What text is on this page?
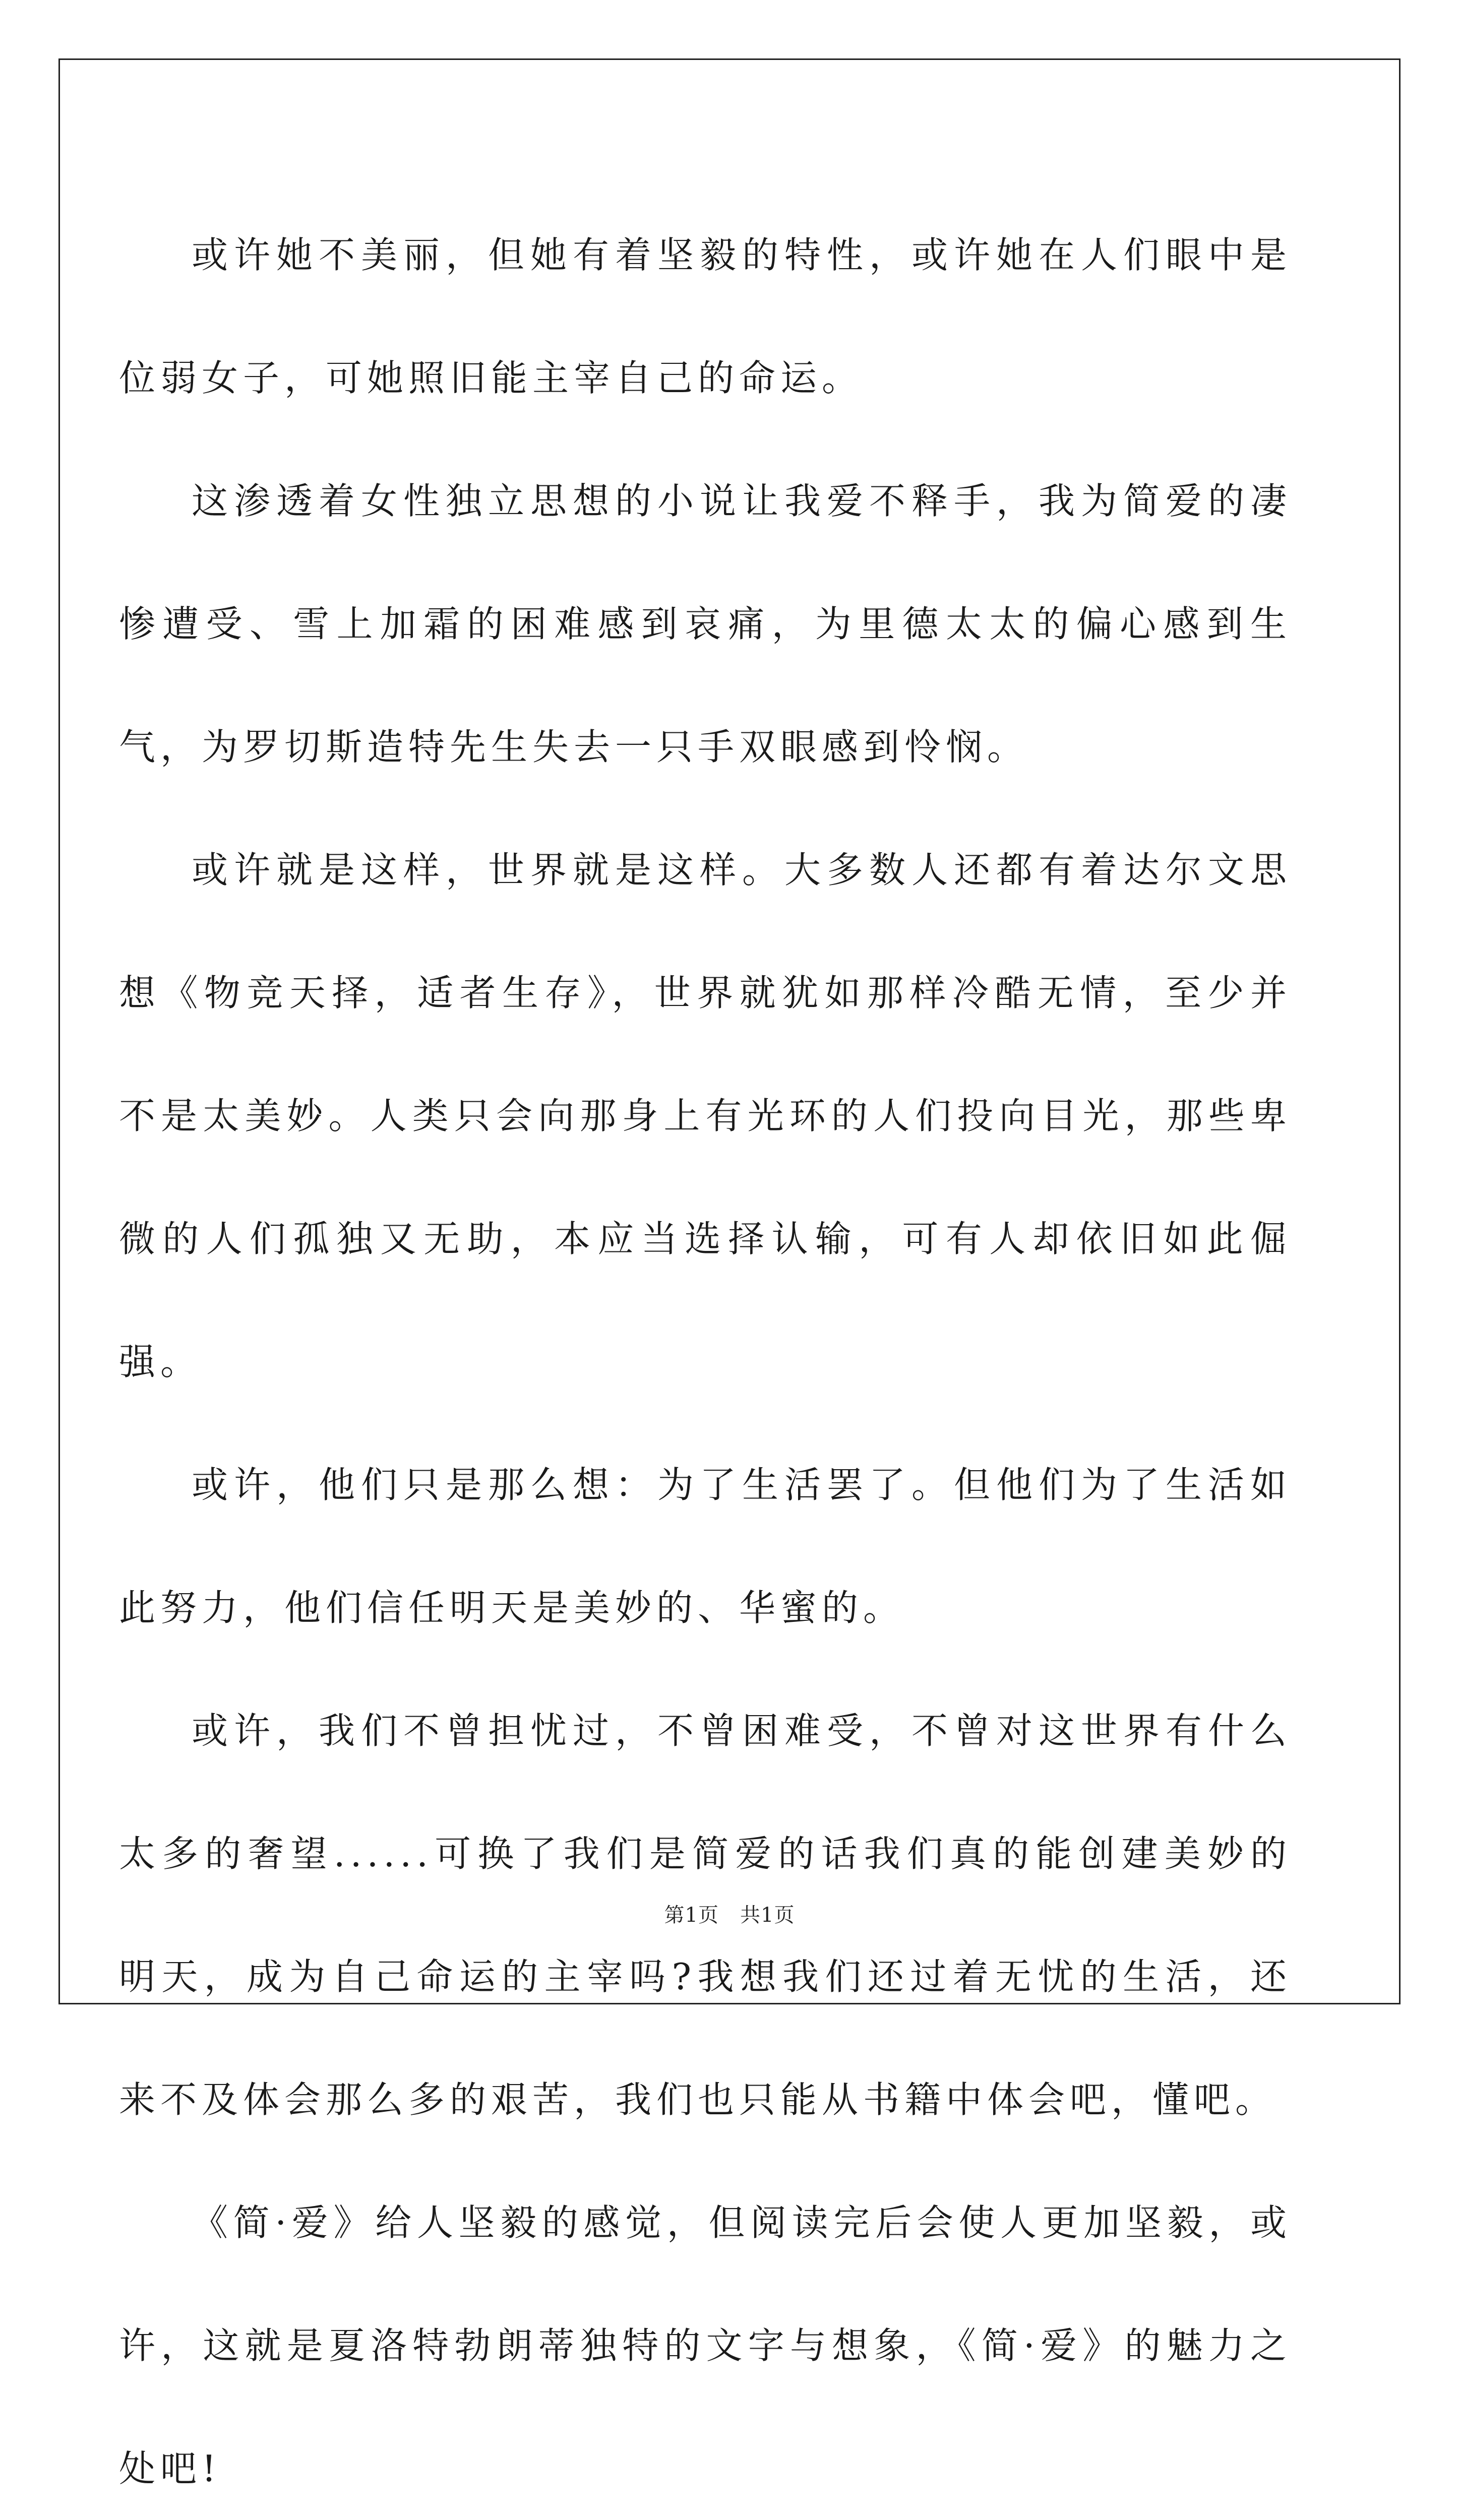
或许她不美丽，但她有着坚毅的特性，或许她在人们眼中是位弱女子，可她照旧能主宰自己的命运。

这渗透着女性独立思想的小说让我爱不释手，我为简爱的凄惨遭受、雪上加霜的困难感到哀痛，为里德太太的偏心感到生气，为罗切斯造特先生失去一只手双眼感到怜悯。

或许就是这样，世界就是这样。大多数人还都有着达尔文思想《物竞天择，适者生存》，世界就犹如那样冷酷无情，至少并不是太美妙。人类只会向那身上有光环的人们投向目光，那些卑微的人们孤独又无助，本应当选择认输，可有人却依旧如此倔强。

或许，他们只是那么想：为了生活罢了。但他们为了生活如此努力，他们信任明天是美妙的、华蜜的。

或许，我们不曾担忧过，不曾困难受，不曾对这世界有什么太多的奢望......可换了我们是简爱的话我们真的能创建美妙的明天，成为自己命运的主宰吗?我想我们还过着无忧的生活，还来不及体会那么多的艰苦，我们也只能从书籍中体会吧，懂吧。

《简·爱》给人坚毅的感觉，但阅读完后会使人更加坚毅，或许，这就是夏洛特勃朗蒂独特的文字与想象，《简·爱》的魅力之处吧!

第1页 共1页
